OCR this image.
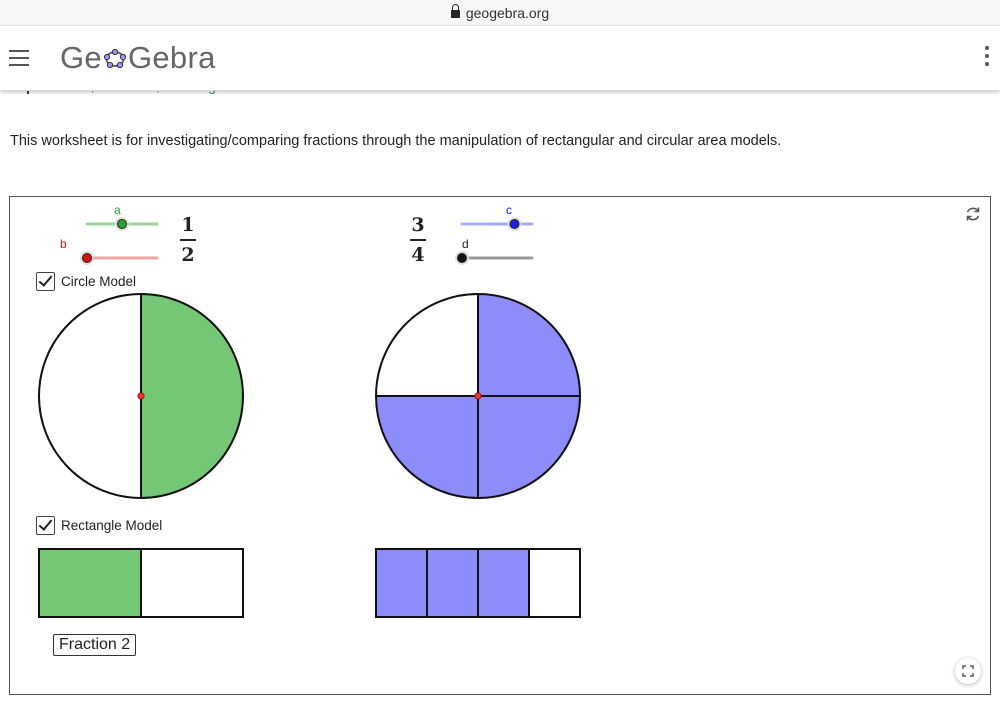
geogebra.org
Ge Gebra
This worksheet is for investigating/comparing fractions through the manipulation of rectangular and circular area models.
a
b
c
d
1
2
3
4
Circle Model
Rectangle Model
Fraction 2
